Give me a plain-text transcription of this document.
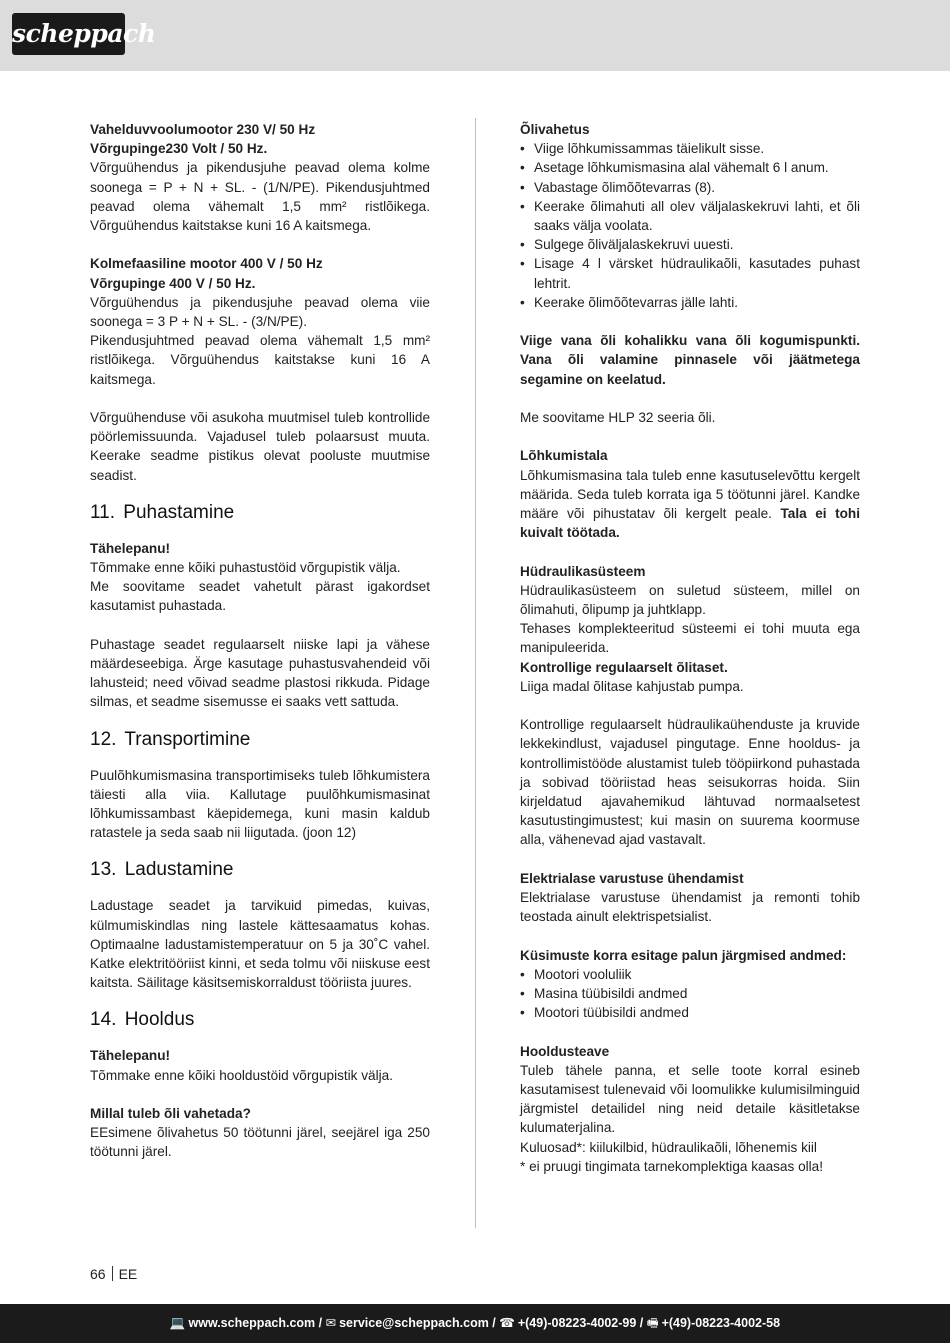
scheppach

Vahelduvvoolumootor 230 V/ 50 Hz

Võrgupinge230 Volt / 50 Hz.

Võrguühendus ja pikendusjuhe peavad olema kolme soonega = P + N + SL. - (1/N/PE). Pikendusjuhtmed peavad olema vähemalt 1,5 mm² ristlõikega. Võrguühendus kaitstakse kuni 16 A kaitsmega.

Kolmefaasiline mootor 400 V / 50 Hz

Võrgupinge 400 V / 50 Hz.

Võrguühendus ja pikendusjuhe peavad olema viie soonega = 3 P + N + SL. - (3/N/PE).

Pikendusjuhtmed peavad olema vähemalt 1,5 mm² ristlõikega. Võrguühendus kaitstakse kuni 16 A kaitsmega.

Võrguühenduse või asukoha muutmisel tuleb kontrollide pöörlemissuunda. Vajadusel tuleb polaarsust muuta. Keerake seadme pistikus olevat pooluste muutmise seadist.

11. Puhastamine

Tähelepanu!

Tõmmake enne kõiki puhastustöid võrgupistik välja.

Me soovitame seadet vahetult pärast igakordset kasutamist puhastada.

Puhastage seadet regulaarselt niiske lapi ja vähese määrdeseebiga. Ärge kasutage puhastusvahendeid või lahusteid; need võivad seadme plastosi rikkuda. Pidage silmas, et seadme sisemusse ei saaks vett sattuda.

12. Transportimine

Puulõhkumismasina transportimiseks tuleb lõhkumistera täiesti alla viia. Kallutage puulõhkumismasinat lõhkumissambast käepidemega, kuni masin kaldub ratastele ja seda saab nii liigutada. (joon 12)

13. Ladustamine

Ladustage seadet ja tarvikuid pimedas, kuivas, külmumiskindlas ning lastele kättesaamatus kohas. Optimaalne ladustamistemperatuur on 5 ja 30˚C vahel. Katke elektritööriist kinni, et seda tolmu või niiskuse eest kaitsta. Säilitage käsitsemiskorraldust tööriista juures.

14. Hooldus

Tähelepanu!

Tõmmake enne kõiki hooldustöid võrgupistik välja.

Millal tuleb õli vahetada?

EEsimene õlivahetus 50 töötunni järel, seejärel iga 250 töötunni järel.

Õlivahetus

• Viige lõhkumissammas täielikult sisse.
• Asetage lõhkumismasina alal vähemalt 6 l anum.
• Vabastage õlimõõtevarras (8).
• Keerake õlimahuti all olev väljalaskekruvi lahti, et õli saaks välja voolata.
• Sulgege õliväljalaskekruvi uuesti.
• Lisage 4 l värsket hüdraulikaõli, kasutades puhast lehtrit.
• Keerake õlimõõtevarras jälle lahti.

Viige vana õli kohalikku vana õli kogumispunkti. Vana õli valamine pinnasele või jäätmetega segamine on keelatud.

Me soovitame HLP 32 seeria õli.

Lõhkumistala

Lõhkumismasina tala tuleb enne kasutuselevõttu kergelt määrida. Seda tuleb korrata iga 5 töötunni järel. Kandke määre või pihustatav õli kergelt peale. Tala ei tohi kuivalt töötada.

Hüdraulikasüsteem

Hüdraulikasüsteem on suletud süsteem, millel on õlimahuti, õlipump ja juhtklapp.

Tehases komplekteeritud süsteemi ei tohi muuta ega manipuleerida.

Kontrollige regulaarselt õlitaset.

Liiga madal õlitase kahjustab pumpa.

Kontrollige regulaarselt hüdraulikaühenduste ja kruvide lekkekindlust, vajadusel pingutage. Enne hooldus- ja kontrollimistööde alustamist tuleb tööpiirkond puhastada ja sobivad tööriistad heas seisukorras hoida. Siin kirjeldatud ajavahemikud lähtuvad normaalsetest kasutustingimustest; kui masin on suurema koormuse alla, vähenevad ajad vastavalt.

Elektrialase varustuse ühendamist

Elektrialase varustuse ühendamist ja remonti tohib teostada ainult elektrispetsialist.

Küsimuste korra esitage palun järgmised andmed:

• Mootori vooluliik
• Masina tüübisildi andmed
• Mootori tüübisildi andmed

Hooldusteave

Tuleb tähele panna, et selle toote korral esineb kasutamisest tulenevaid või loomulikke kulumisilminguid järgmistel detailidel ning neid detaile käsitletakse kulumaterjalina.

Kuluosad*: kiilukilbid, hüdraulikaõli, lõhenemis kiil

* ei pruugi tingimata tarnekomplektiga kaasas olla!

66 EE
💻 www.scheppach.com / ✉ service@scheppach.com / ☎ +(49)-08223-4002-99 / 🖷 +(49)-08223-4002-58
